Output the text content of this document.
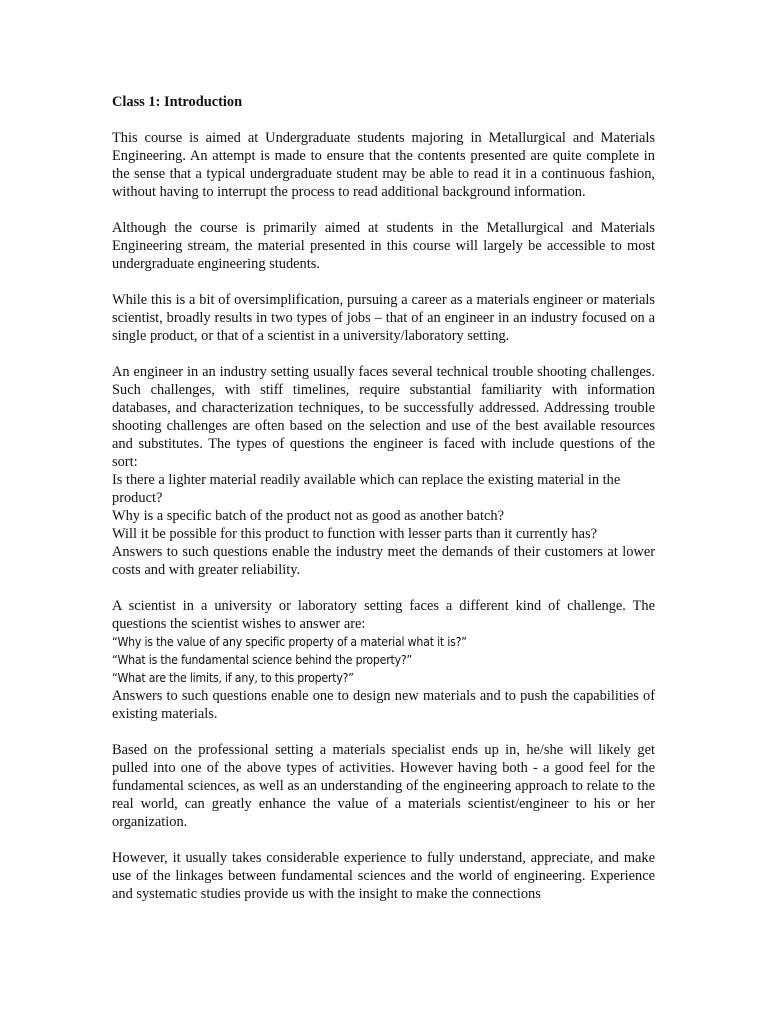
Class 1: Introduction

This course is aimed at Undergraduate students majoring in Metallurgical and Materials Engineering. An attempt is made to ensure that the contents presented are quite complete in the sense that a typical undergraduate student may be able to read it in a continuous fashion, without having to interrupt the process to read additional background information.

Although the course is primarily aimed at students in the Metallurgical and Materials Engineering stream, the material presented in this course will largely be accessible to most undergraduate engineering students.

While this is a bit of oversimplification, pursuing a career as a materials engineer or materials scientist, broadly results in two types of jobs – that of an engineer in an industry focused on a single product, or that of a scientist in a university/laboratory setting.

An engineer in an industry setting usually faces several technical trouble shooting challenges. Such challenges, with stiff timelines, require substantial familiarity with information databases, and characterization techniques, to be successfully addressed. Addressing trouble shooting challenges are often based on the selection and use of the best available resources and substitutes. The types of questions the engineer is faced with include questions of the sort:

Is there a lighter material readily available which can replace the existing material in the product?

Why is a specific batch of the product not as good as another batch?

Will it be possible for this product to function with lesser parts than it currently has?

Answers to such questions enable the industry meet the demands of their customers at lower costs and with greater reliability.

A scientist in a university or laboratory setting faces a different kind of challenge. The questions the scientist wishes to answer are:

“Why is the value of any specific property of a material what it is?”

“What is the fundamental science behind the property?”

“What are the limits, if any, to this property?”

Answers to such questions enable one to design new materials and to push the capabilities of existing materials.

Based on the professional setting a materials specialist ends up in, he/she will likely get pulled into one of the above types of activities. However having both - a good feel for the fundamental sciences, as well as an understanding of the engineering approach to relate to the real world, can greatly enhance the value of a materials scientist/engineer to his or her organization.

However, it usually takes considerable experience to fully understand, appreciate, and make use of the linkages between fundamental sciences and the world of engineering. Experience and systematic studies provide us with the insight to make the connections
